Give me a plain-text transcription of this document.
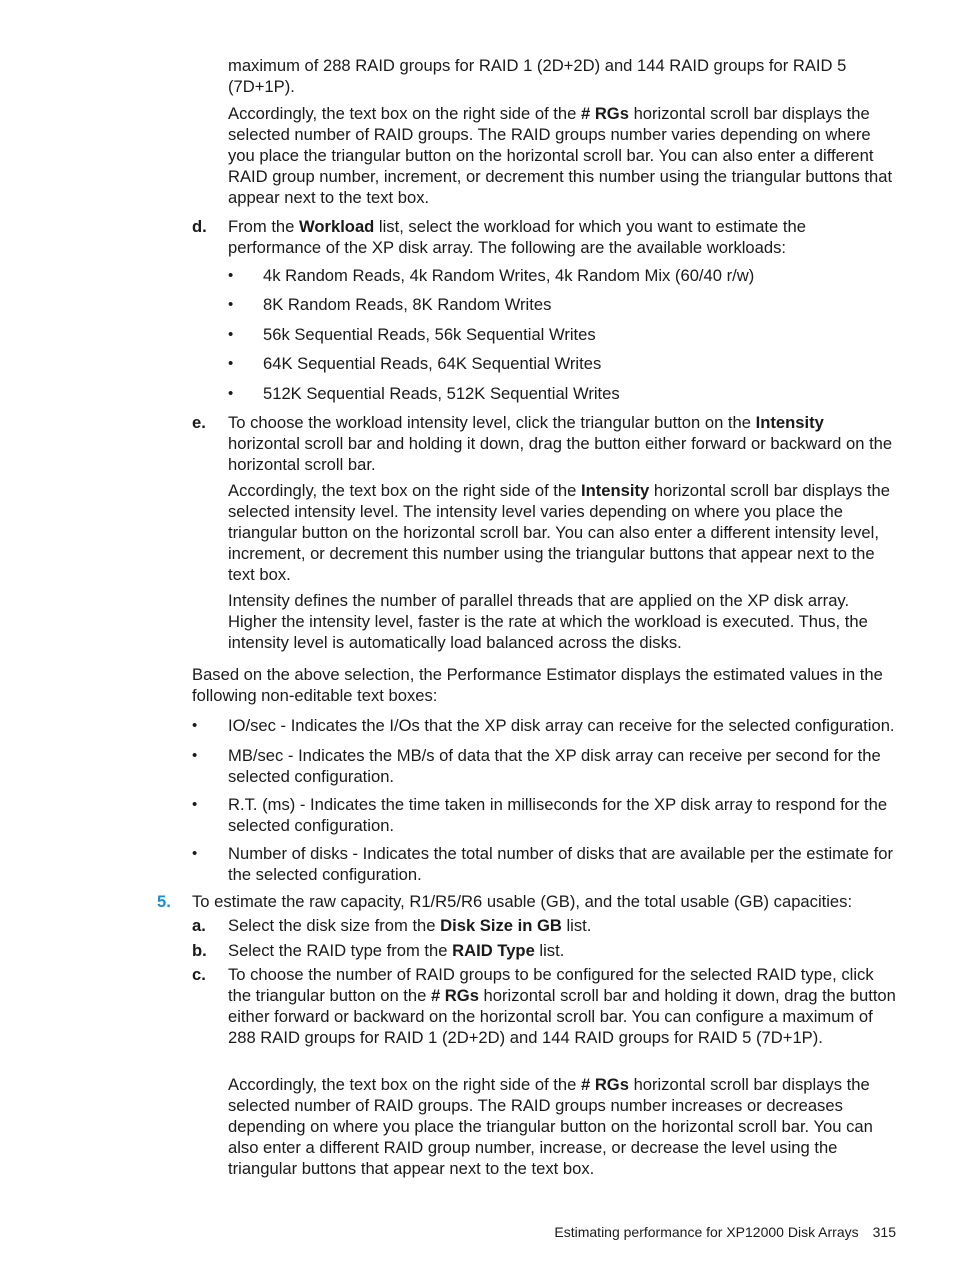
maximum of 288 RAID groups for RAID 1 (2D+2D) and 144 RAID groups for RAID 5 (7D+1P).

Accordingly, the text box on the right side of the # RGs horizontal scroll bar displays the selected number of RAID groups. The RAID groups number varies depending on where you place the triangular button on the horizontal scroll bar. You can also enter a different RAID group number, increment, or decrement this number using the triangular buttons that appear next to the text box.

d.	From the Workload list, select the workload for which you want to estimate the performance of the XP disk array. The following are the available workloads:

• 4k Random Reads, 4k Random Writes, 4k Random Mix (60/40 r/w)

• 8K Random Reads, 8K Random Writes

• 56k Sequential Reads, 56k Sequential Writes

• 64K Sequential Reads, 64K Sequential Writes

• 512K Sequential Reads, 512K Sequential Writes

e.	To choose the workload intensity level, click the triangular button on the Intensity horizontal scroll bar and holding it down, drag the button either forward or backward on the horizontal scroll bar.

Accordingly, the text box on the right side of the Intensity horizontal scroll bar displays the selected intensity level. The intensity level varies depending on where you place the triangular button on the horizontal scroll bar. You can also enter a different intensity level, increment, or decrement this number using the triangular buttons that appear next to the text box.

Intensity defines the number of parallel threads that are applied on the XP disk array. Higher the intensity level, faster is the rate at which the workload is executed. Thus, the intensity level is automatically load balanced across the disks.

Based on the above selection, the Performance Estimator displays the estimated values in the following non-editable text boxes:

• IO/sec - Indicates the I/Os that the XP disk array can receive for the selected configuration.

• MB/sec - Indicates the MB/s of data that the XP disk array can receive per second for the selected configuration.

• R.T. (ms) - Indicates the time taken in milliseconds for the XP disk array to respond for the selected configuration.

• Number of disks - Indicates the total number of disks that are available per the estimate for the selected configuration.

5.	To estimate the raw capacity, R1/R5/R6 usable (GB), and the total usable (GB) capacities:

a.	Select the disk size from the Disk Size in GB list.

b.	Select the RAID type from the RAID Type list.

c.	To choose the number of RAID groups to be configured for the selected RAID type, click the triangular button on the # RGs horizontal scroll bar and holding it down, drag the button either forward or backward on the horizontal scroll bar. You can configure a maximum of 288 RAID groups for RAID 1 (2D+2D) and 144 RAID groups for RAID 5 (7D+1P).

Accordingly, the text box on the right side of the # RGs horizontal scroll bar displays the selected number of RAID groups. The RAID groups number increases or decreases depending on where you place the triangular button on the horizontal scroll bar. You can also enter a different RAID group number, increase, or decrease the level using the triangular buttons that appear next to the text box.

Estimating performance for XP12000 Disk Arrays 315
